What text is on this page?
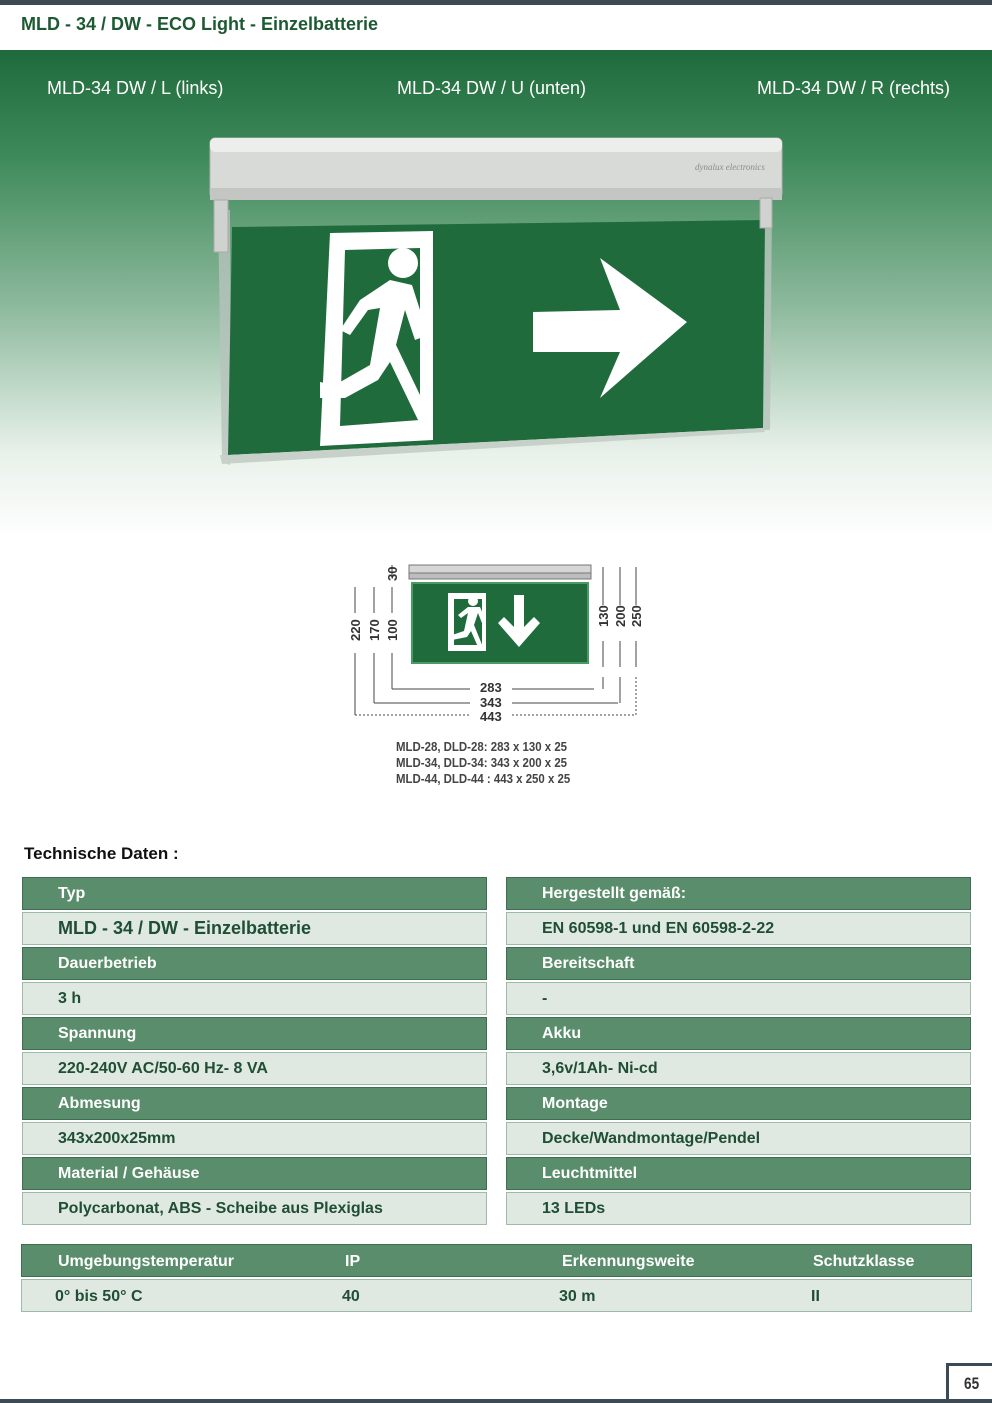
MLD - 34 / DW - ECO Light - Einzelbatterie
MLD-34 DW / L (links)	MLD-34 DW / U (unten)	MLD-34 DW / R (rechts)
dynalux electronics
220 170 100
30
130 200 250
283
343
443
MLD-28, DLD-28: 283 x 130 x 25
MLD-34, DLD-34: 343 x 200 x 25
MLD-44, DLD-44 : 443 x 250 x 25
Technische Daten :
Typ
MLD - 34 / DW - Einzelbatterie
Dauerbetrieb
3 h
Spannung
220-240V AC/50-60 Hz- 8 VA
Abmesung
343x200x25mm
Material / Gehäuse
Polycarbonat, ABS - Scheibe aus Plexiglas
Hergestellt gemäß:
EN 60598-1 und EN 60598-2-22
Bereitschaft
-
Akku
3,6v/1Ah- Ni-cd
Montage
Decke/Wandmontage/Pendel
Leuchtmittel
13 LEDs
Umgebungstemperatur	IP	Erkennungsweite	Schutzklasse
0° bis 50° C	40	30 m	II
65
